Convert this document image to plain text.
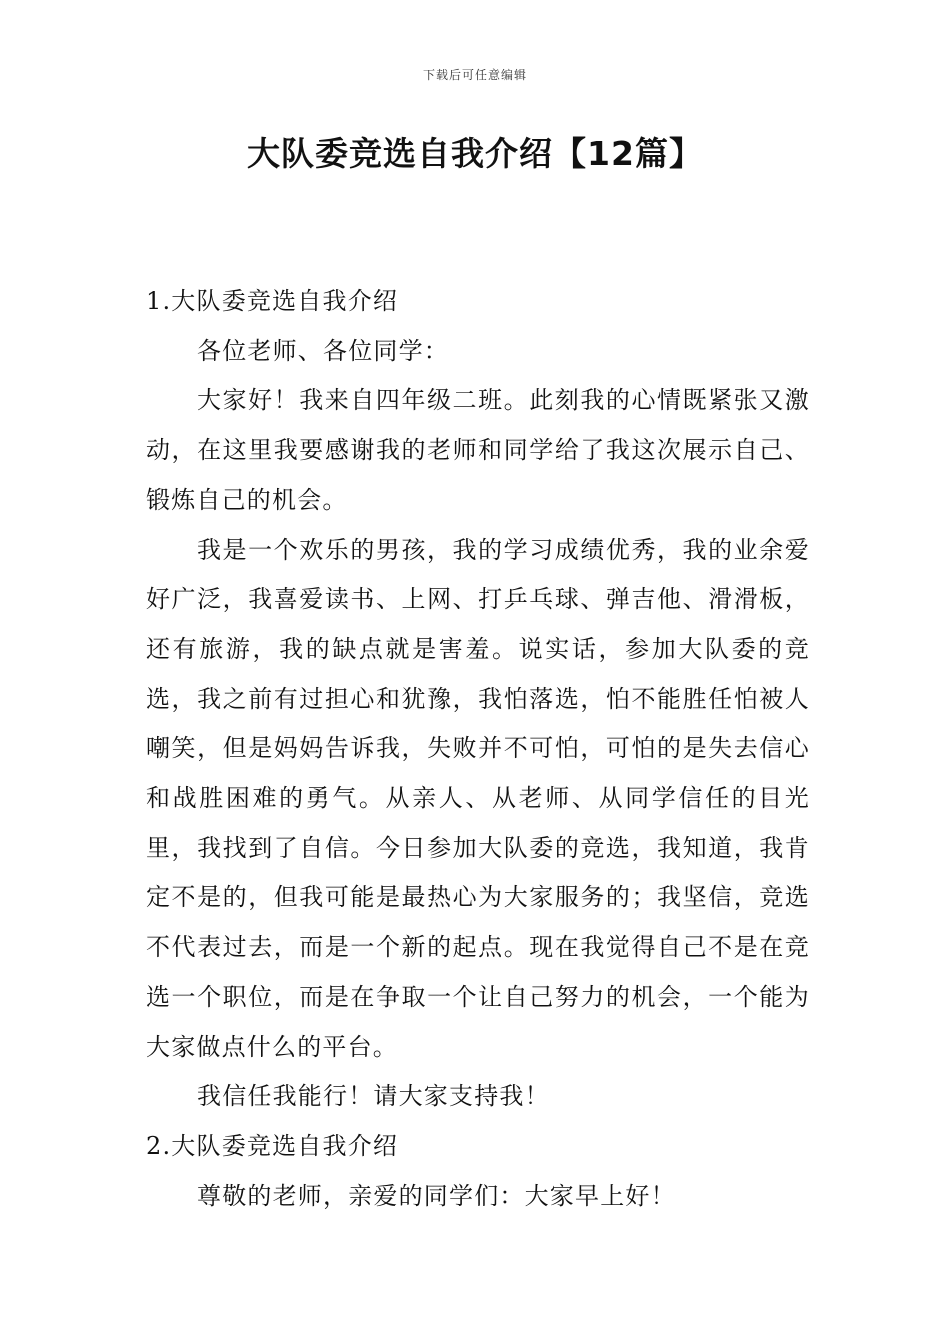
下载后可任意编辑
大队委竞选自我介绍【12篇】

1.大队委竞选自我介绍

各位老师、各位同学：

大家好！我来自四年级二班。此刻我的心情既紧张又激动，在这里我要感谢我的老师和同学给了我这次展示自己、锻炼自己的机会。

我是一个欢乐的男孩，我的学习成绩优秀，我的业余爱好广泛，我喜爱读书、上网、打乒乓球、弹吉他、滑滑板，还有旅游，我的缺点就是害羞。说实话，参加大队委的竞选，我之前有过担心和犹豫，我怕落选，怕不能胜任怕被人嘲笑，但是妈妈告诉我，失败并不可怕，可怕的是失去信心和战胜困难的勇气。从亲人、从老师、从同学信任的目光里，我找到了自信。今日参加大队委的竞选，我知道，我肯定不是的，但我可能是最热心为大家服务的；我坚信，竞选不代表过去，而是一个新的起点。现在我觉得自己不是在竞选一个职位，而是在争取一个让自己努力的机会，一个能为大家做点什么的平台。

我信任我能行！请大家支持我！

2.大队委竞选自我介绍

尊敬的老师，亲爱的同学们：大家早上好！
